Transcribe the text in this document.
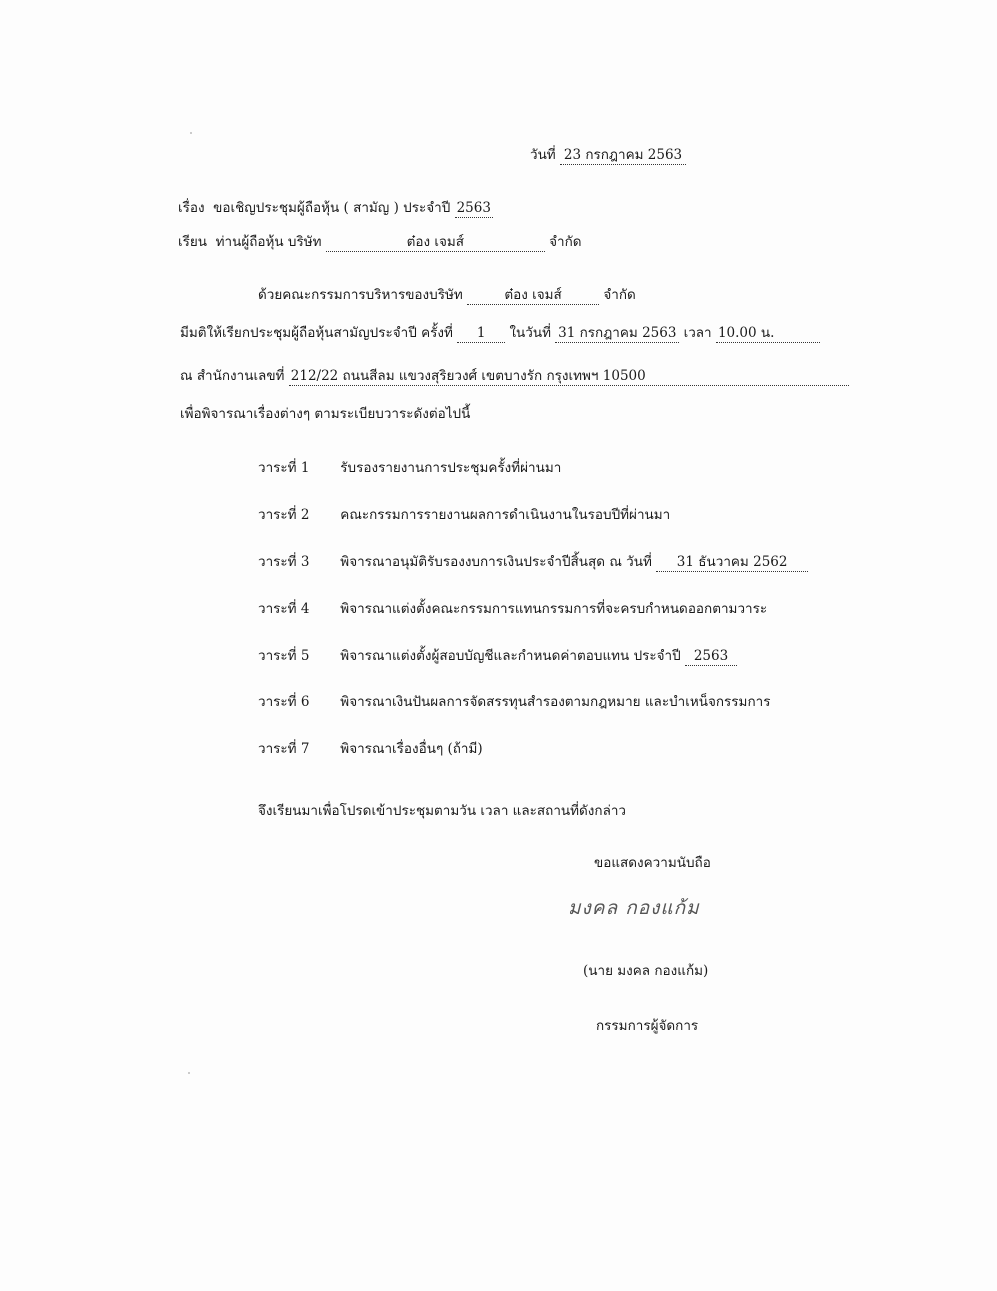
วันที่ 23 กรกฎาคม 2563
เรื่อง ขอเชิญประชุมผู้ถือหุ้น ( สามัญ ) ประจำปี 2563
เรียน ท่านผู้ถือหุ้น บริษัท	ต๋อง เจมส์	จำกัด
ด้วยคณะกรรมการบริหารของบริษัท	ต๋อง เจมส์	จำกัด
มีมติให้เรียกประชุมผู้ถือหุ้นสามัญประจำปี ครั้งที่ 1 ในวันที่ 31 กรกฎาคม 2563 เวลา 10.00 น.
ณ สำนักงานเลขที่ 212/22 ถนนสีลม แขวงสุริยวงศ์ เขตบางรัก กรุงเทพฯ 10500
เพื่อพิจารณาเรื่องต่างๆ ตามระเบียบวาระดังต่อไปนี้
วาระที่ 1 รับรองรายงานการประชุมครั้งที่ผ่านมา
วาระที่ 2 คณะกรรมการรายงานผลการดำเนินงานในรอบปีที่ผ่านมา
วาระที่ 3 พิจารณาอนุมัติรับรองงบการเงินประจำปีสิ้นสุด ณ วันที่ 31 ธันวาคม 2562
วาระที่ 4 พิจารณาแต่งตั้งคณะกรรมการแทนกรรมการที่จะครบกำหนดออกตามวาระ
วาระที่ 5 พิจารณาแต่งตั้งผู้สอบบัญชีและกำหนดค่าตอบแทน ประจำปี 2563
วาระที่ 6 พิจารณาเงินปันผลการจัดสรรทุนสำรองตามกฎหมาย และบำเหน็จกรรมการ
วาระที่ 7 พิจารณาเรื่องอื่นๆ (ถ้ามี)
จึงเรียนมาเพื่อโปรดเข้าประชุมตามวัน เวลา และสถานที่ดังกล่าว
ขอแสดงความนับถือ
มงคล กองแก้ม
(นาย มงคล กองแก้ม)
กรรมการผู้จัดการ
